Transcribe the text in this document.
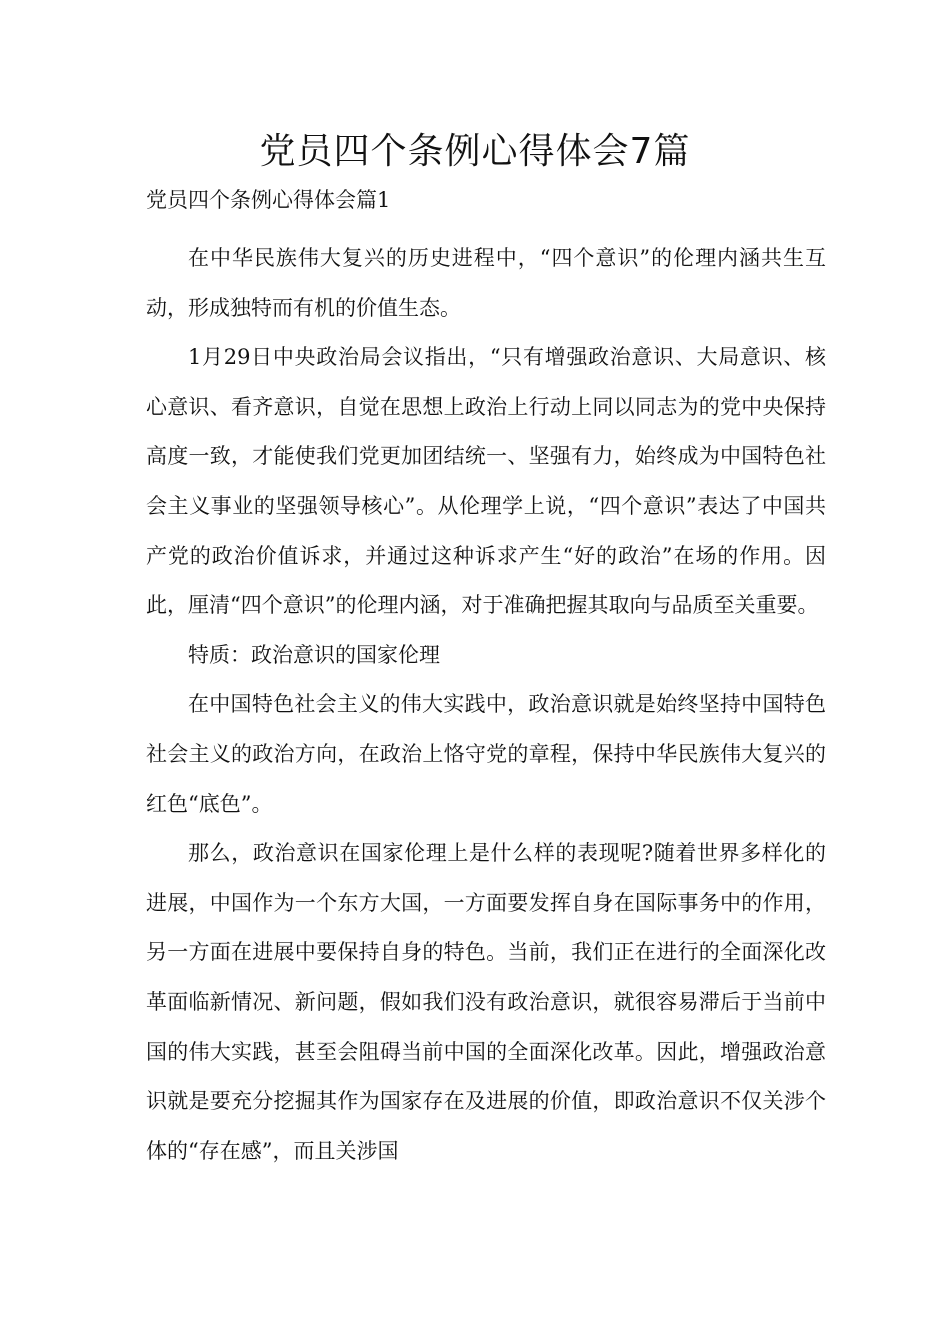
党员四个条例心得体会7篇
党员四个条例心得体会篇1

在中华民族伟大复兴的历史进程中，“四个意识”的伦理内涵共生互动，形成独特而有机的价值生态。

1月29日中央政治局会议指出，“只有增强政治意识、大局意识、核心意识、看齐意识，自觉在思想上政治上行动上同以同志为的党中央保持高度一致，才能使我们党更加团结统一、坚强有力，始终成为中国特色社会主义事业的坚强领导核心”。从伦理学上说，“四个意识”表达了中国共产党的政治价值诉求，并通过这种诉求产生“好的政治”在场的作用。因此，厘清“四个意识”的伦理内涵，对于准确把握其取向与品质至关重要。

特质：政治意识的国家伦理

在中国特色社会主义的伟大实践中，政治意识就是始终坚持中国特色社会主义的政治方向，在政治上恪守党的章程，保持中华民族伟大复兴的红色“底色”。

那么，政治意识在国家伦理上是什么样的表现呢?随着世界多样化的进展，中国作为一个东方大国，一方面要发挥自身在国际事务中的作用，另一方面在进展中要保持自身的特色。当前，我们正在进行的全面深化改革面临新情况、新问题，假如我们没有政治意识，就很容易滞后于当前中国的伟大实践，甚至会阻碍当前中国的全面深化改革。因此，增强政治意识就是要充分挖掘其作为国家存在及进展的价值，即政治意识不仅关涉个体的“存在感”，而且关涉国
